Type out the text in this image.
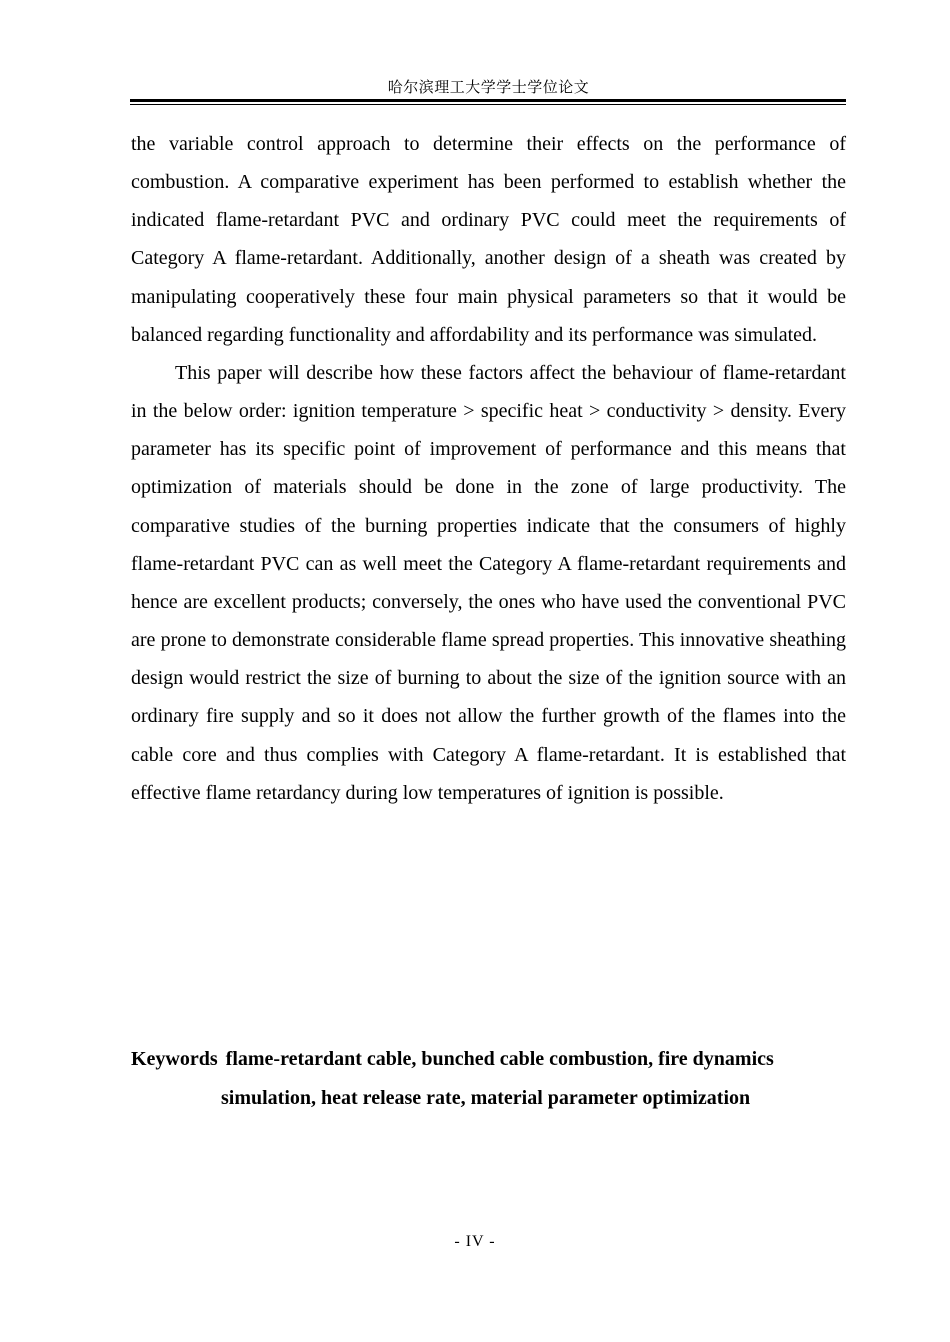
哈尔滨理工大学学士学位论文

the variable control approach to determine their effects on the performance of combustion. A comparative experiment has been performed to establish whether the indicated flame-retardant PVC and ordinary PVC could meet the requirements of Category A flame-retardant. Additionally, another design of a sheath was created by manipulating cooperatively these four main physical parameters so that it would be balanced regarding functionality and affordability and its performance was simulated.

This paper will describe how these factors affect the behaviour of flame-retardant in the below order: ignition temperature > specific heat > conductivity > density. Every parameter has its specific point of improvement of performance and this means that optimization of materials should be done in the zone of large productivity. The comparative studies of the burning properties indicate that the consumers of highly flame-retardant PVC can as well meet the Category A flame-retardant requirements and hence are excellent products; conversely, the ones who have used the conventional PVC are prone to demonstrate considerable flame spread properties. This innovative sheathing design would restrict the size of burning to about the size of the ignition source with an ordinary fire supply and so it does not allow the further growth of the flames into the cable core and thus complies with Category A flame-retardant. It is established that effective flame retardancy during low temperatures of ignition is possible.

Keywords flame-retardant cable, bunched cable combustion, fire dynamics simulation, heat release rate, material parameter optimization
- IV -
